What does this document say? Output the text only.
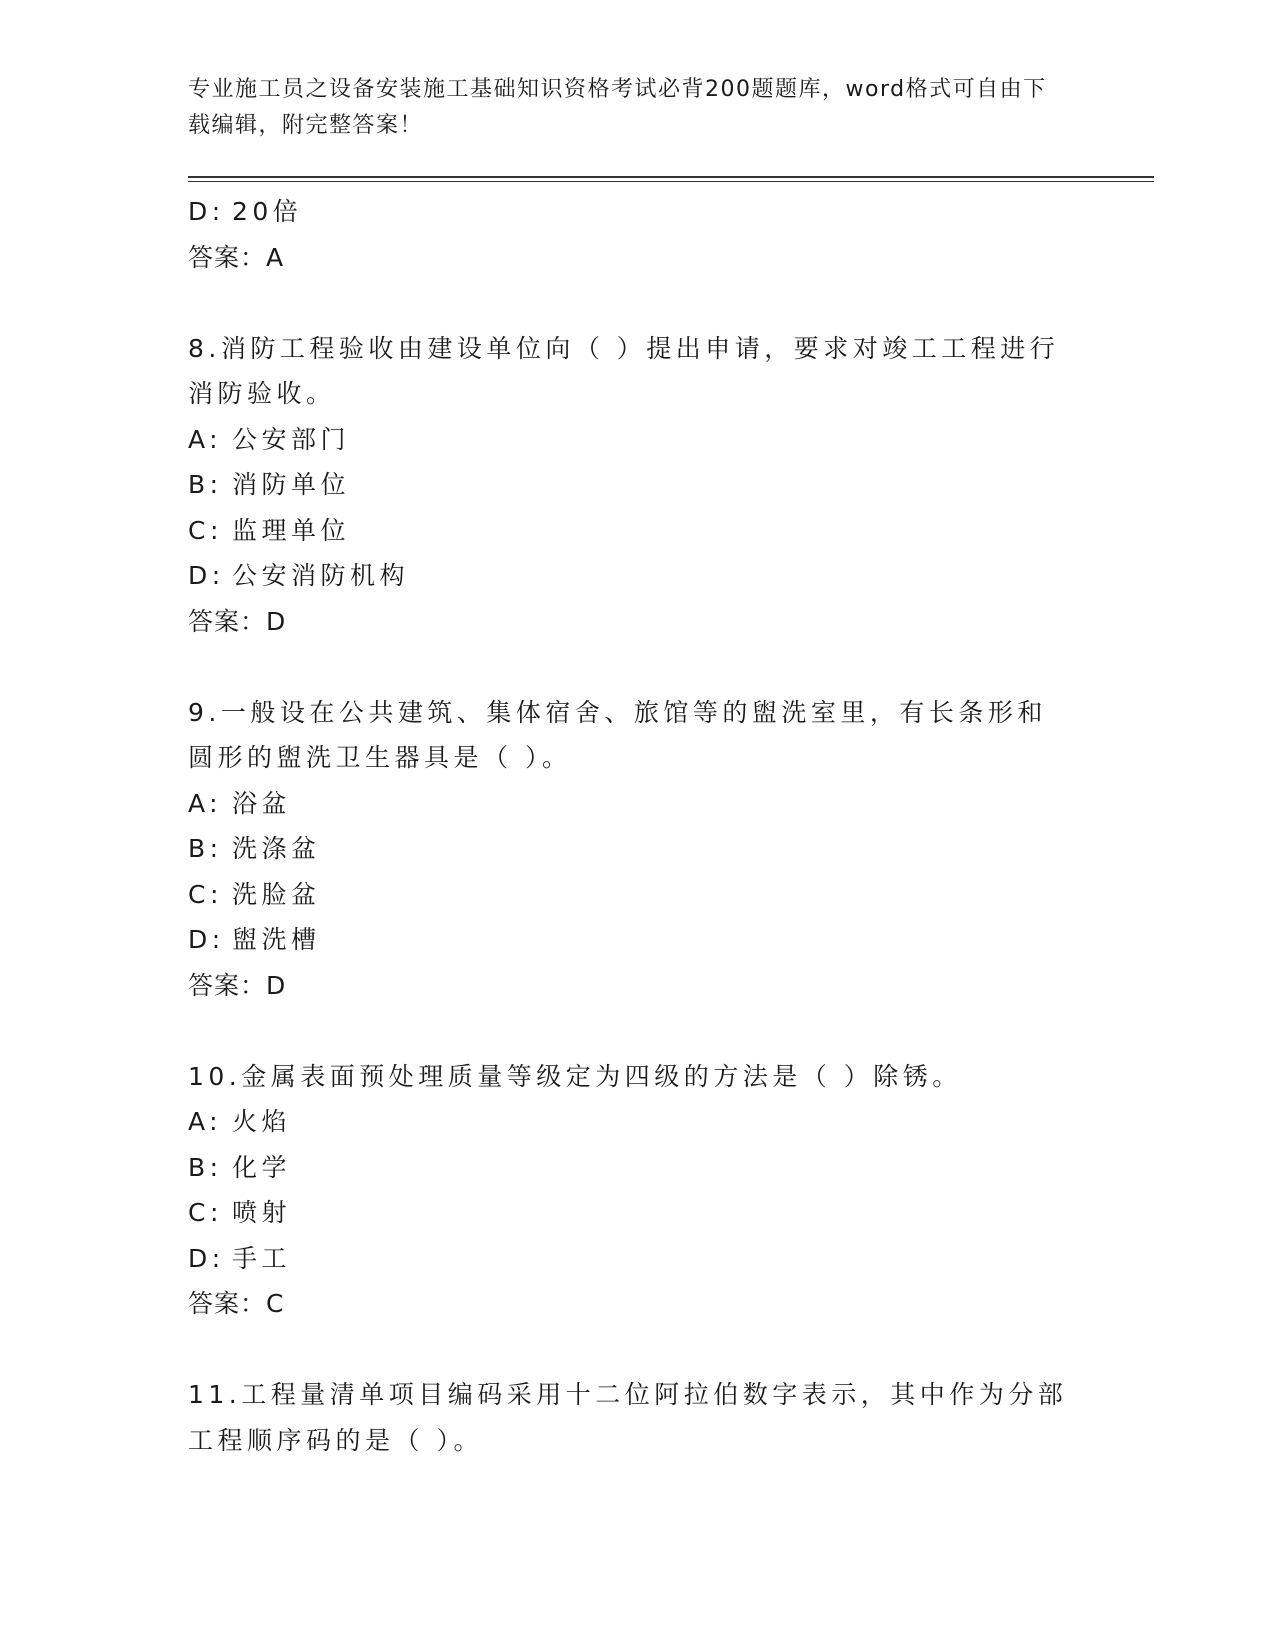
专业施工员之设备安装施工基础知识资格考试必背200题题库，word格式可自由下载编辑，附完整答案！
D: 20倍
答案：A
8.消防工程验收由建设单位向（ ）提出申请，要求对竣工工程进行消防验收。
A: 公安部门
B: 消防单位
C: 监理单位
D: 公安消防机构
答案：D
9.一般设在公共建筑、集体宿舍、旅馆等的盥洗室里，有长条形和圆形的盥洗卫生器具是（ ）。
A: 浴盆
B: 洗涤盆
C: 洗脸盆
D: 盥洗槽
答案：D
10.金属表面预处理质量等级定为四级的方法是（ ）除锈。
A: 火焰
B: 化学
C: 喷射
D: 手工
答案：C
11.工程量清单项目编码采用十二位阿拉伯数字表示，其中作为分部工程顺序码的是（ ）。
